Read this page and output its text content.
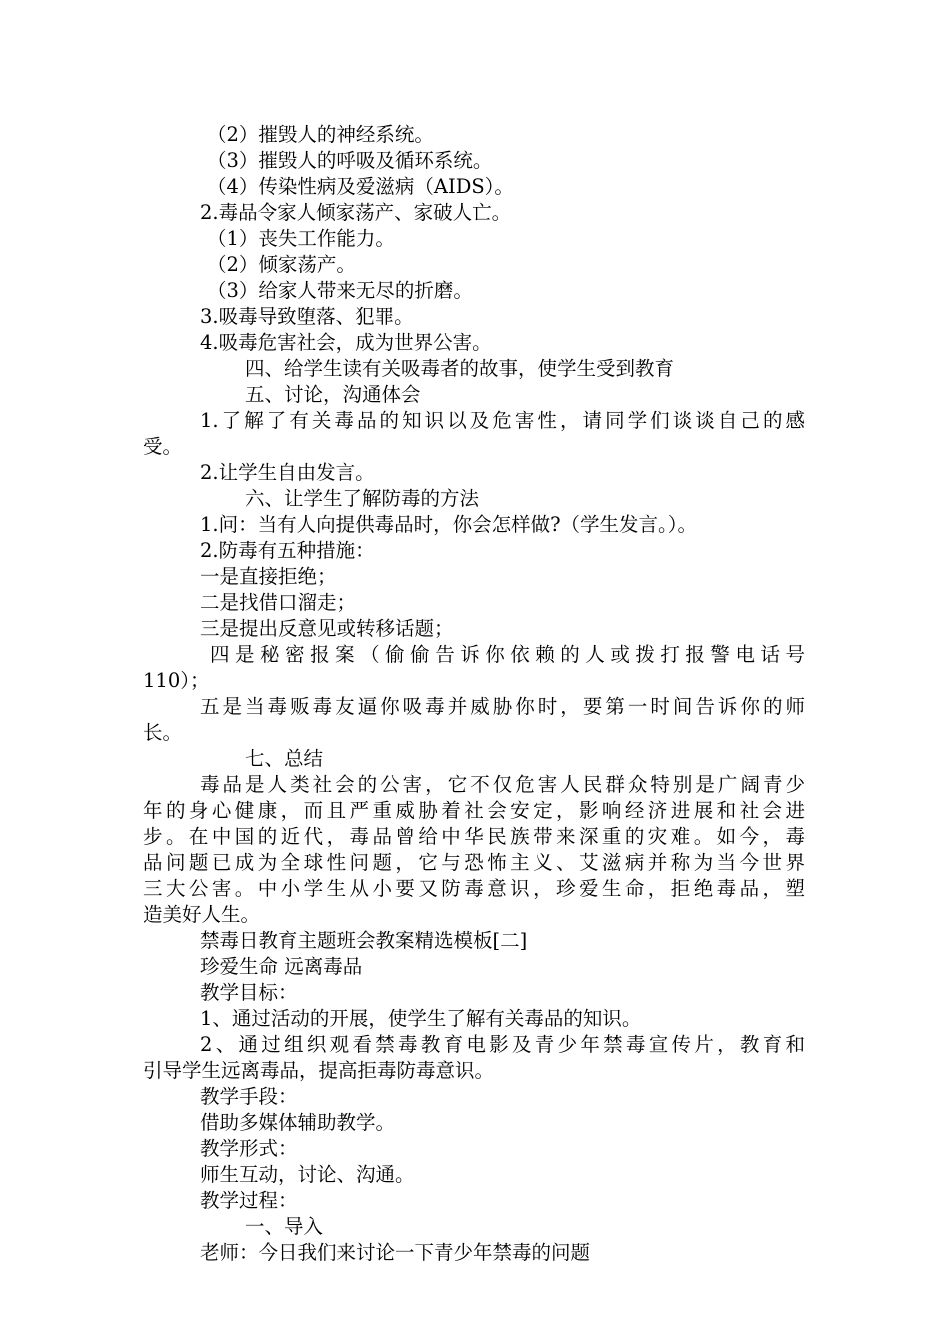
（2）摧毁人的神经系统。

（3）摧毁人的呼吸及循环系统。

（4）传染性病及爱滋病（AIDS）。

2.毒品令家人倾家荡产、家破人亡。

（1）丧失工作能力。

（2）倾家荡产。

（3）给家人带来无尽的折磨。

3.吸毒导致堕落、犯罪。

4.吸毒危害社会，成为世界公害。

四、给学生读有关吸毒者的故事，使学生受到教育

五、讨论，沟通体会

1.了解了有关毒品的知识以及危害性，请同学们谈谈自己的感

受。

2.让学生自由发言。

六、让学生了解防毒的方法

1.问：当有人向提供毒品时，你会怎样做?（学生发言。）。

2.防毒有五种措施：

一是直接拒绝；

二是找借口溜走；

三是提出反意见或转移话题；

四是秘密报案（偷偷告诉你依赖的人或拨打报警电话号

110）；

五是当毒贩毒友逼你吸毒并威胁你时，要第一时间告诉你的师

长。

七、总结

毒品是人类社会的公害，它不仅危害人民群众特别是广阔青少

年的身心健康，而且严重威胁着社会安定，影响经济进展和社会进

步。在中国的近代，毒品曾给中华民族带来深重的灾难。如今，毒

品问题已成为全球性问题，它与恐怖主义、艾滋病并称为当今世界

三大公害。中小学生从小要又防毒意识，珍爱生命，拒绝毒品，塑

造美好人生。

禁毒日教育主题班会教案精选模板[二]

珍爱生命 远离毒品

教学目标：

1、通过活动的开展，使学生了解有关毒品的知识。

2、通过组织观看禁毒教育电影及青少年禁毒宣传片，教育和

引导学生远离毒品，提高拒毒防毒意识。

教学手段：

借助多媒体辅助教学。

教学形式：

师生互动，讨论、沟通。

教学过程：

一、导入

老师：今日我们来讨论一下青少年禁毒的问题
